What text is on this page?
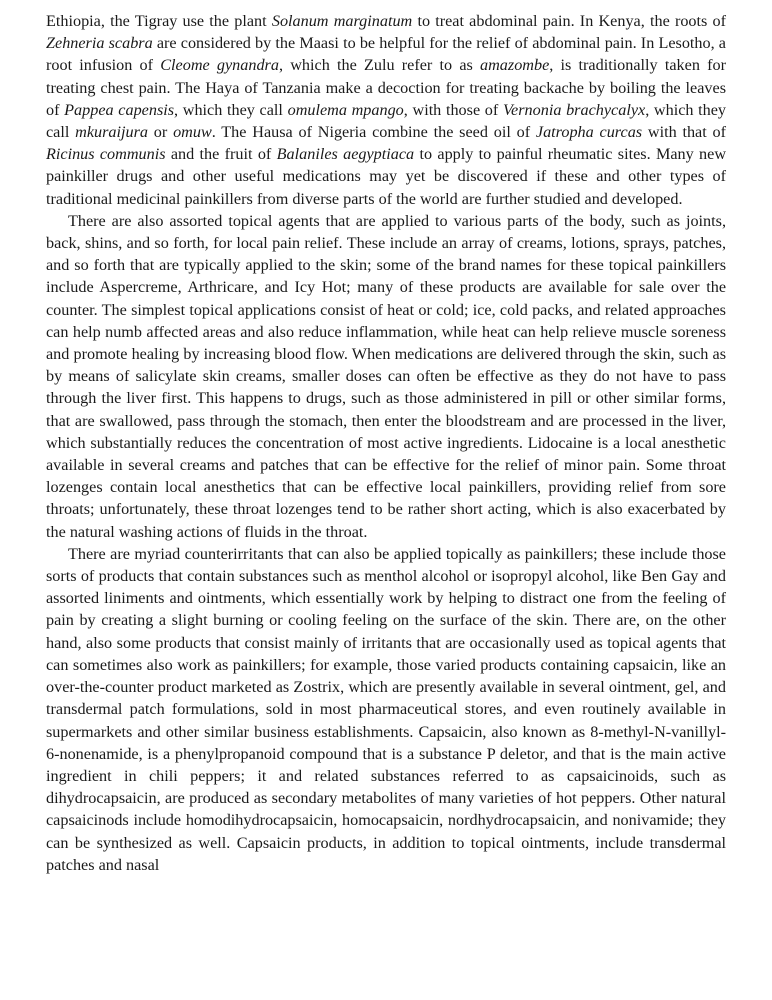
Ethiopia, the Tigray use the plant Solanum marginatum to treat abdominal pain. In Kenya, the roots of Zehneria scabra are considered by the Maasi to be helpful for the relief of abdominal pain. In Lesotho, a root infusion of Cleome gynandra, which the Zulu refer to as amazombe, is traditionally taken for treating chest pain. The Haya of Tanzania make a decoction for treating backache by boiling the leaves of Pappea capensis, which they call omulema mpango, with those of Vernonia brachycalyx, which they call mkuraijura or omuw. The Hausa of Nigeria combine the seed oil of Jatropha curcas with that of Ricinus communis and the fruit of Balaniles aegyptiaca to apply to painful rheumatic sites. Many new painkiller drugs and other useful medications may yet be discovered if these and other types of traditional medicinal painkillers from diverse parts of the world are further studied and developed.

There are also assorted topical agents that are applied to various parts of the body, such as joints, back, shins, and so forth, for local pain relief. These include an array of creams, lotions, sprays, patches, and so forth that are typically applied to the skin; some of the brand names for these topical painkillers include Aspercreme, Arthricare, and Icy Hot; many of these products are available for sale over the counter. The simplest topical applications consist of heat or cold; ice, cold packs, and related approaches can help numb affected areas and also reduce inflammation, while heat can help relieve muscle soreness and promote healing by increasing blood flow. When medications are delivered through the skin, such as by means of salicylate skin creams, smaller doses can often be effective as they do not have to pass through the liver first. This happens to drugs, such as those administered in pill or other similar forms, that are swallowed, pass through the stomach, then enter the bloodstream and are processed in the liver, which substantially reduces the concentration of most active ingredients. Lidocaine is a local anesthetic available in several creams and patches that can be effective for the relief of minor pain. Some throat lozenges contain local anesthetics that can be effective local painkillers, providing relief from sore throats; unfortunately, these throat lozenges tend to be rather short acting, which is also exacerbated by the natural washing actions of fluids in the throat.

There are myriad counterirritants that can also be applied topically as painkillers; these include those sorts of products that contain substances such as menthol alcohol or isopropyl alcohol, like Ben Gay and assorted liniments and ointments, which essentially work by helping to distract one from the feeling of pain by creating a slight burning or cooling feeling on the surface of the skin. There are, on the other hand, also some products that consist mainly of irritants that are occasionally used as topical agents that can sometimes also work as painkillers; for example, those varied products containing capsaicin, like an over-the-counter product marketed as Zostrix, which are presently available in several ointment, gel, and transdermal patch formulations, sold in most pharmaceutical stores, and even routinely available in supermarkets and other similar business establishments. Capsaicin, also known as 8-methyl-N-vanillyl-6-nonenamide, is a phenylpropanoid compound that is a substance P deletor, and that is the main active ingredient in chili peppers; it and related substances referred to as capsaicinoids, such as dihydrocapsaicin, are produced as secondary metabolites of many varieties of hot peppers. Other natural capsaicinods include homodihydrocapsaicin, homocapsaicin, nordhydrocapsaicin, and nonivamide; they can be synthesized as well. Capsaicin products, in addition to topical ointments, include transdermal patches and nasal
